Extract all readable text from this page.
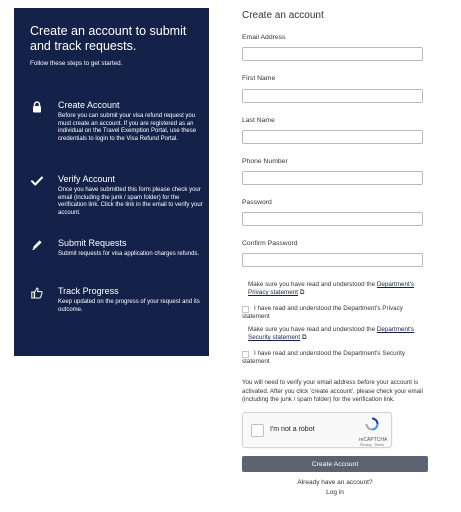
Create an account to submit and track requests.
Follow these steps to get started.
Create Account
Before you can submit your visa refund request you must create an account. If you are registered as an individual on the Travel Exemption Portal, use these credentials to login to the Visa Refund Portal.
Verify Account
Once you have submitted this form please check your email (including the junk / spam folder) for the verification link. Click the link in the email to verify your account.
Submit Requests
Submit requests for visa application charges refunds.
Track Progress
Keep updated on the progress of your request and its outcome.
Create an account
Email Address
First Name
Last Name
Phone Number
Password
Confirm Password
Make sure you have read and understood the Department's Privacy statement ⧉
I have read and understood the Department's Privacy statement
Make sure you have read and understood the Department's Security statement ⧉
I have read and understood the Department's Security statement
You will need to verify your email address before your account is activated. After you click 'create account', please check your email (including the junk / spam folder) for the verification link.
I'm not a robot
reCAPTCHA
Privacy - Terms
Create Account
Already have an account?
Log in
